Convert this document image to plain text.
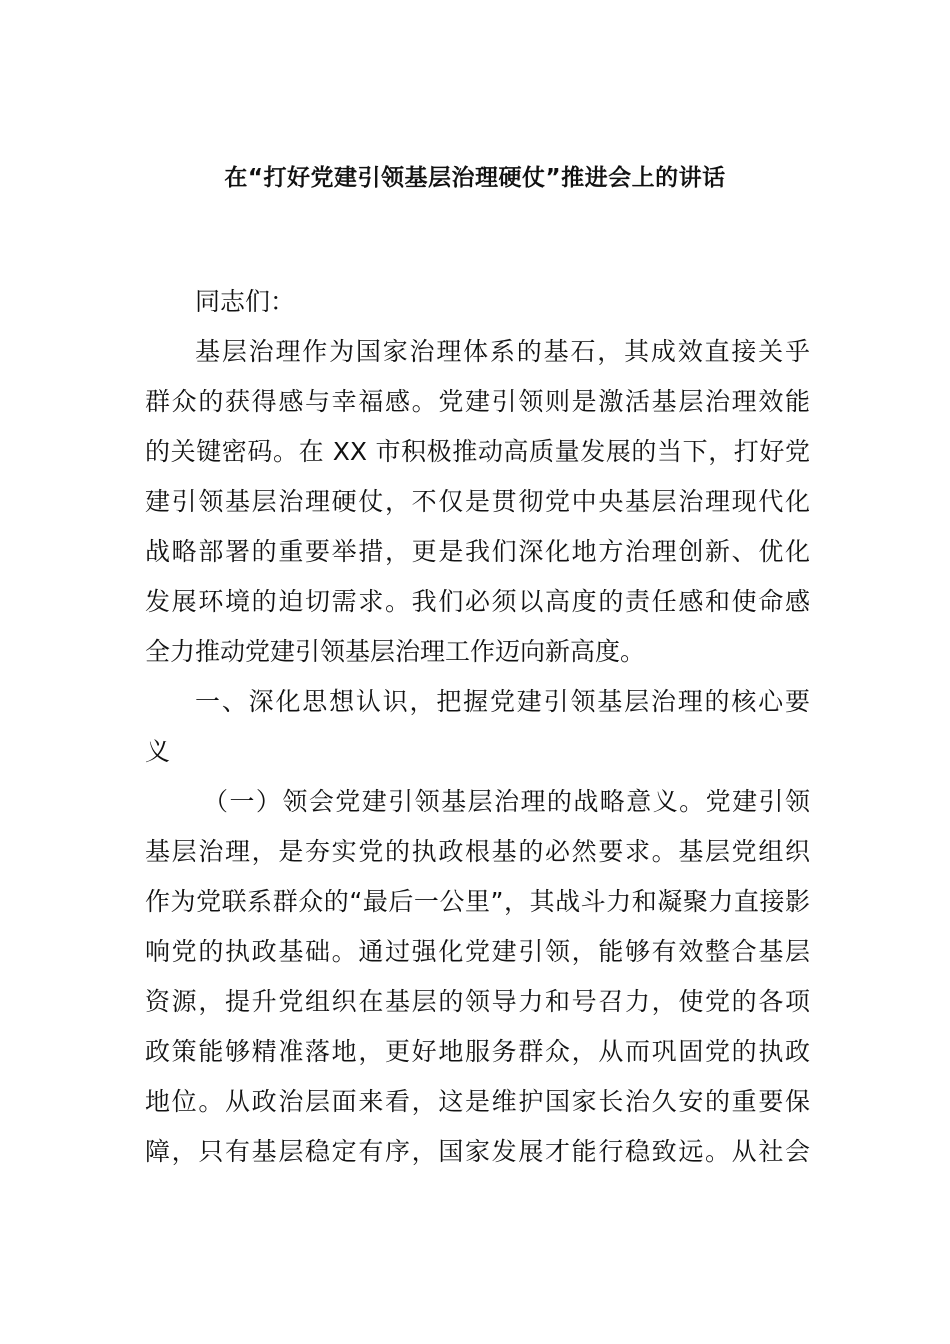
在“打好党建引领基层治理硬仗”推进会上的讲话
同志们：
基层治理作为国家治理体系的基石，其成效直接关乎
群众的获得感与幸福感。党建引领则是激活基层治理效能
的关键密码。在 XX 市积极推动高质量发展的当下，打好党
建引领基层治理硬仗，不仅是贯彻党中央基层治理现代化
战略部署的重要举措，更是我们深化地方治理创新、优化
发展环境的迫切需求。我们必须以高度的责任感和使命感
全力推动党建引领基层治理工作迈向新高度。
一、深化思想认识，把握党建引领基层治理的核心要
义
（一）领会党建引领基层治理的战略意义。党建引领
基层治理，是夯实党的执政根基的必然要求。基层党组织
作为党联系群众的“最后一公里”，其战斗力和凝聚力直接影
响党的执政基础。通过强化党建引领，能够有效整合基层
资源，提升党组织在基层的领导力和号召力，使党的各项
政策能够精准落地，更好地服务群众，从而巩固党的执政
地位。从政治层面来看，这是维护国家长治久安的重要保
障，只有基层稳定有序，国家发展才能行稳致远。从社会
